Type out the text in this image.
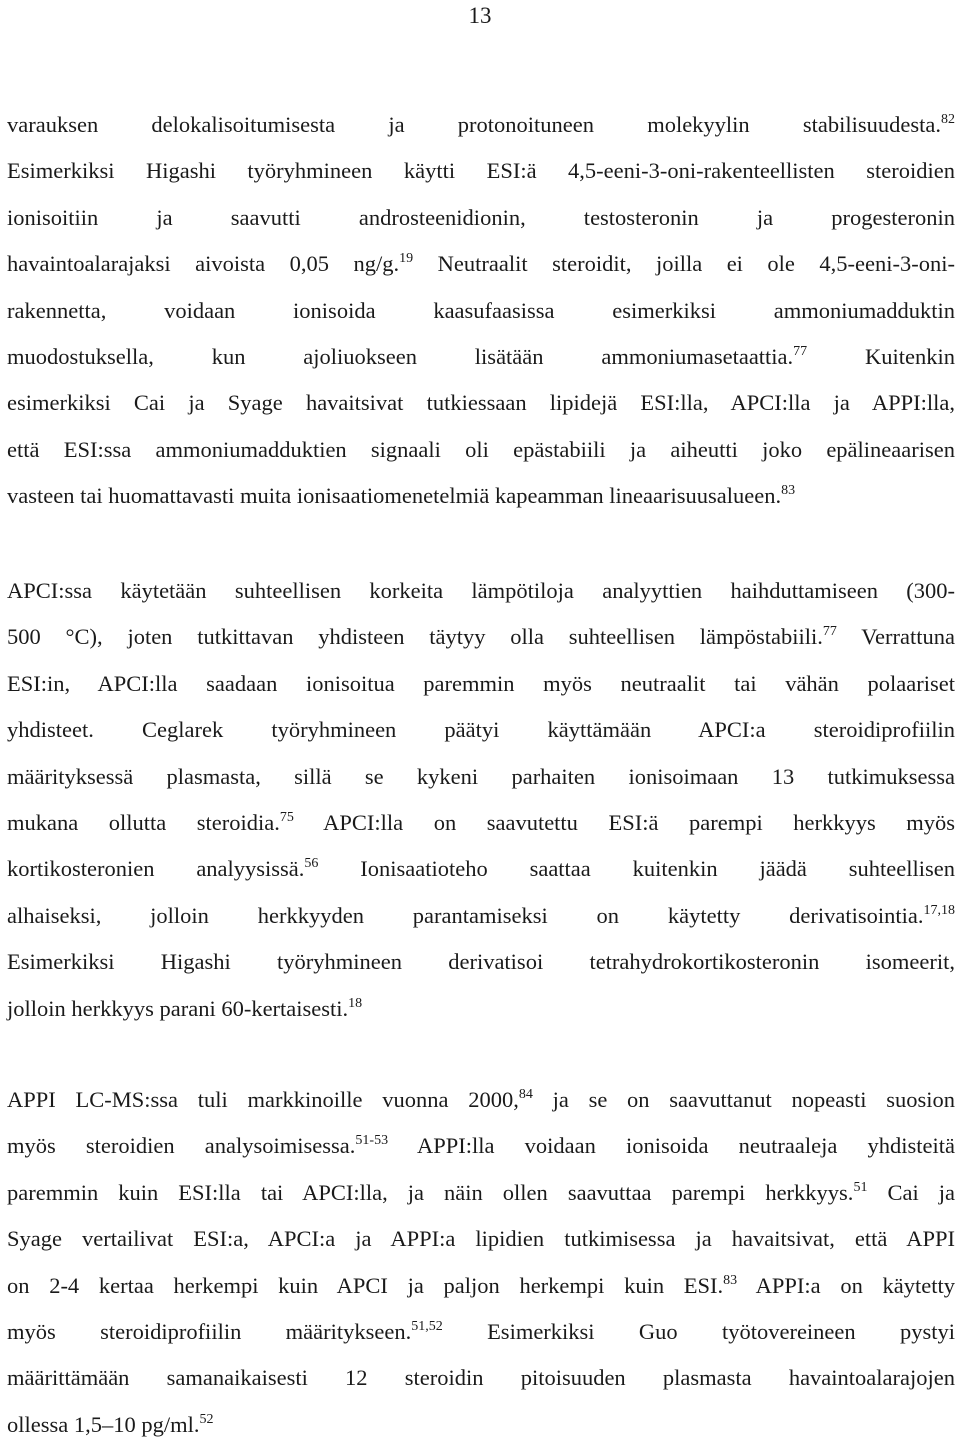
13
varauksen delokalisoitumisesta ja protonoituneen molekyylin stabilisuudesta.$^{82}$
Esimerkiksi Higashi työryhmineen käytti ESI:ä 4,5-eeni-3-oni-rakenteellisten steroidien
ionisoitiin ja saavutti androsteenidionin, testosteronin ja progesteronin
havaintoalarajaksi aivoista 0,05 ng/g.$^{19}$ Neutraalit steroidit, joilla ei ole 4,5-eeni-3-oni-
rakennetta, voidaan ionisoida kaasufaasissa esimerkiksi ammoniumadduktin
muodostuksella, kun ajoliuokseen lisätään ammoniumasetaattia.$^{77}$ Kuitenkin
esimerkiksi Cai ja Syage havaitsivat tutkiessaan lipidejä ESI:lla, APCI:lla ja APPI:lla,
että ESI:ssa ammoniumadduktien signaali oli epästabiili ja aiheutti joko epälineaarisen
vasteen tai huomattavasti muita ionisaatiomenetelmiä kapeamman lineaarisuusalueen.$^{83}$
APCI:ssa käytetään suhteellisen korkeita lämpötiloja analyyttien haihduttamiseen (300-
500 °C), joten tutkittavan yhdisteen täytyy olla suhteellisen lämpöstabiili.$^{77}$ Verrattuna
ESI:in, APCI:lla saadaan ionisoitua paremmin myös neutraalit tai vähän polaariset
yhdisteet. Ceglarek työryhmineen päätyi käyttämään APCI:a steroidiprofiilin
määrityksessä plasmasta, sillä se kykeni parhaiten ionisoimaan 13 tutkimuksessa
mukana ollutta steroidia.$^{75}$ APCI:lla on saavutettu ESI:ä parempi herkkyys myös
kortikosteronien analyysissä.$^{56}$ Ionisaatioteho saattaa kuitenkin jäädä suhteellisen
alhaiseksi, jolloin herkkyyden parantamiseksi on käytetty derivatisointia.$^{17,18}$
Esimerkiksi Higashi työryhmineen derivatisoi tetrahydrokortikosteronin isomeerit,
jolloin herkkyys parani 60-kertaisesti.$^{18}$
APPI LC-MS:ssa tuli markkinoille vuonna 2000,84 ja se on saavuttanut nopeasti suosion
myös steroidien analysoimisessa.$^{51-53}$ APPI:lla voidaan ionisoida neutraaleja yhdisteitä
paremmin kuin ESI:lla tai APCI:lla, ja näin ollen saavuttaa parempi herkkyys.$^{51}$ Cai ja
Syage vertailivat ESI:a, APCI:a ja APPI:a lipidien tutkimisessa ja havaitsivat, että APPI
on 2-4 kertaa herkempi kuin APCI ja paljon herkempi kuin ESI.$^{83}$ APPI:a on käytetty
myös steroidiprofiilin määritykseen.$^{51,52}$ Esimerkiksi Guo työtovereineen pystyi
määrittämään samanaikaisesti 12 steroidin pitoisuuden plasmasta havaintoalarajojen
ollessa 1,5–10 pg/ml.$^{52}$
